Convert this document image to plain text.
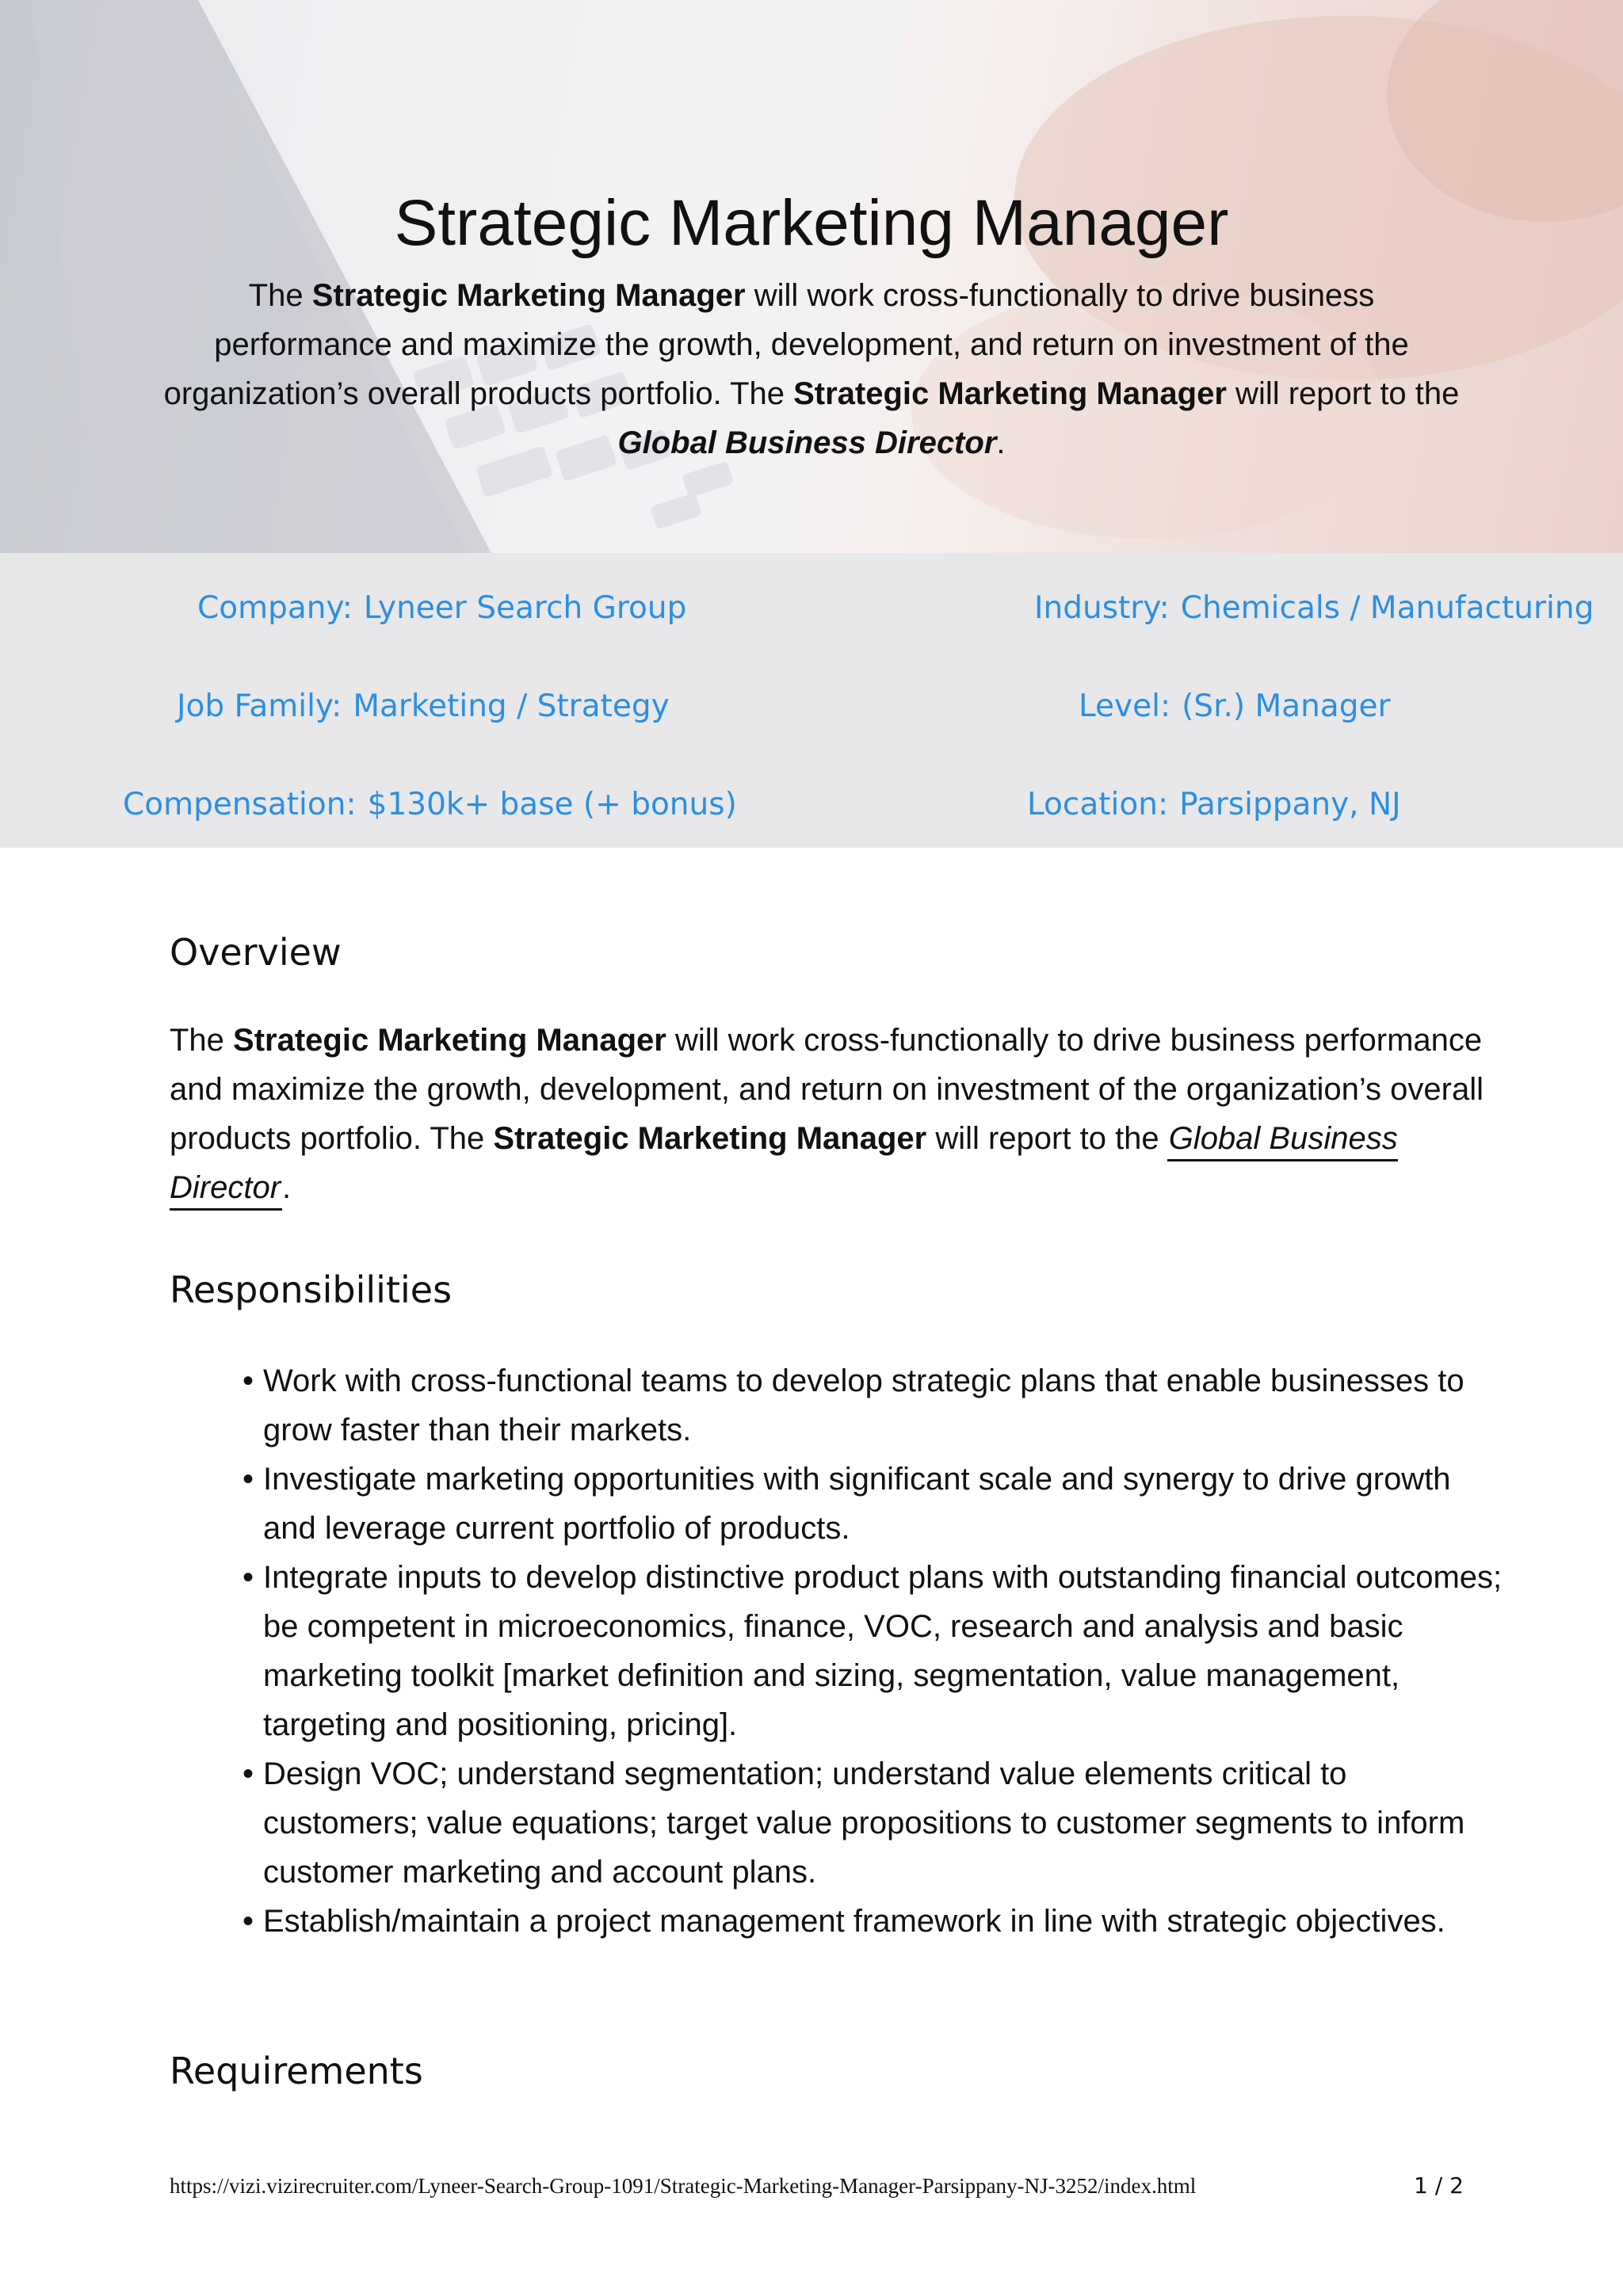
Strategic Marketing Manager

The Strategic Marketing Manager will work cross-functionally to drive business performance and maximize the growth, development, and return on investment of the organization’s overall products portfolio. The Strategic Marketing Manager will report to the Global Business Director.

Company: Lyneer Search Group	Industry: Chemicals / Manufacturing
Job Family: Marketing / Strategy	Level: (Sr.) Manager
Compensation: $130k+ base (+ bonus)	Location: Parsippany, NJ
Overview

The Strategic Marketing Manager will work cross-functionally to drive business performance and maximize the growth, development, and return on investment of the organization’s overall products portfolio. The Strategic Marketing Manager will report to the Global Business Director.

Responsibilities
• Work with cross-functional teams to develop strategic plans that enable businesses to grow faster than their markets.
• Investigate marketing opportunities with significant scale and synergy to drive growth and leverage current portfolio of products.
• Integrate inputs to develop distinctive product plans with outstanding financial outcomes; be competent in microeconomics, finance, VOC, research and analysis and basic marketing toolkit [market definition and sizing, segmentation, value management, targeting and positioning, pricing].
• Design VOC; understand segmentation; understand value elements critical to customers; value equations; target value propositions to customer segments to inform customer marketing and account plans.
• Establish/maintain a project management framework in line with strategic objectives.
Requirements
https://vizi.vizirecruiter.com/Lyneer-Search-Group-1091/Strategic-Marketing-Manager-Parsippany-NJ-3252/index.html	1 / 2
